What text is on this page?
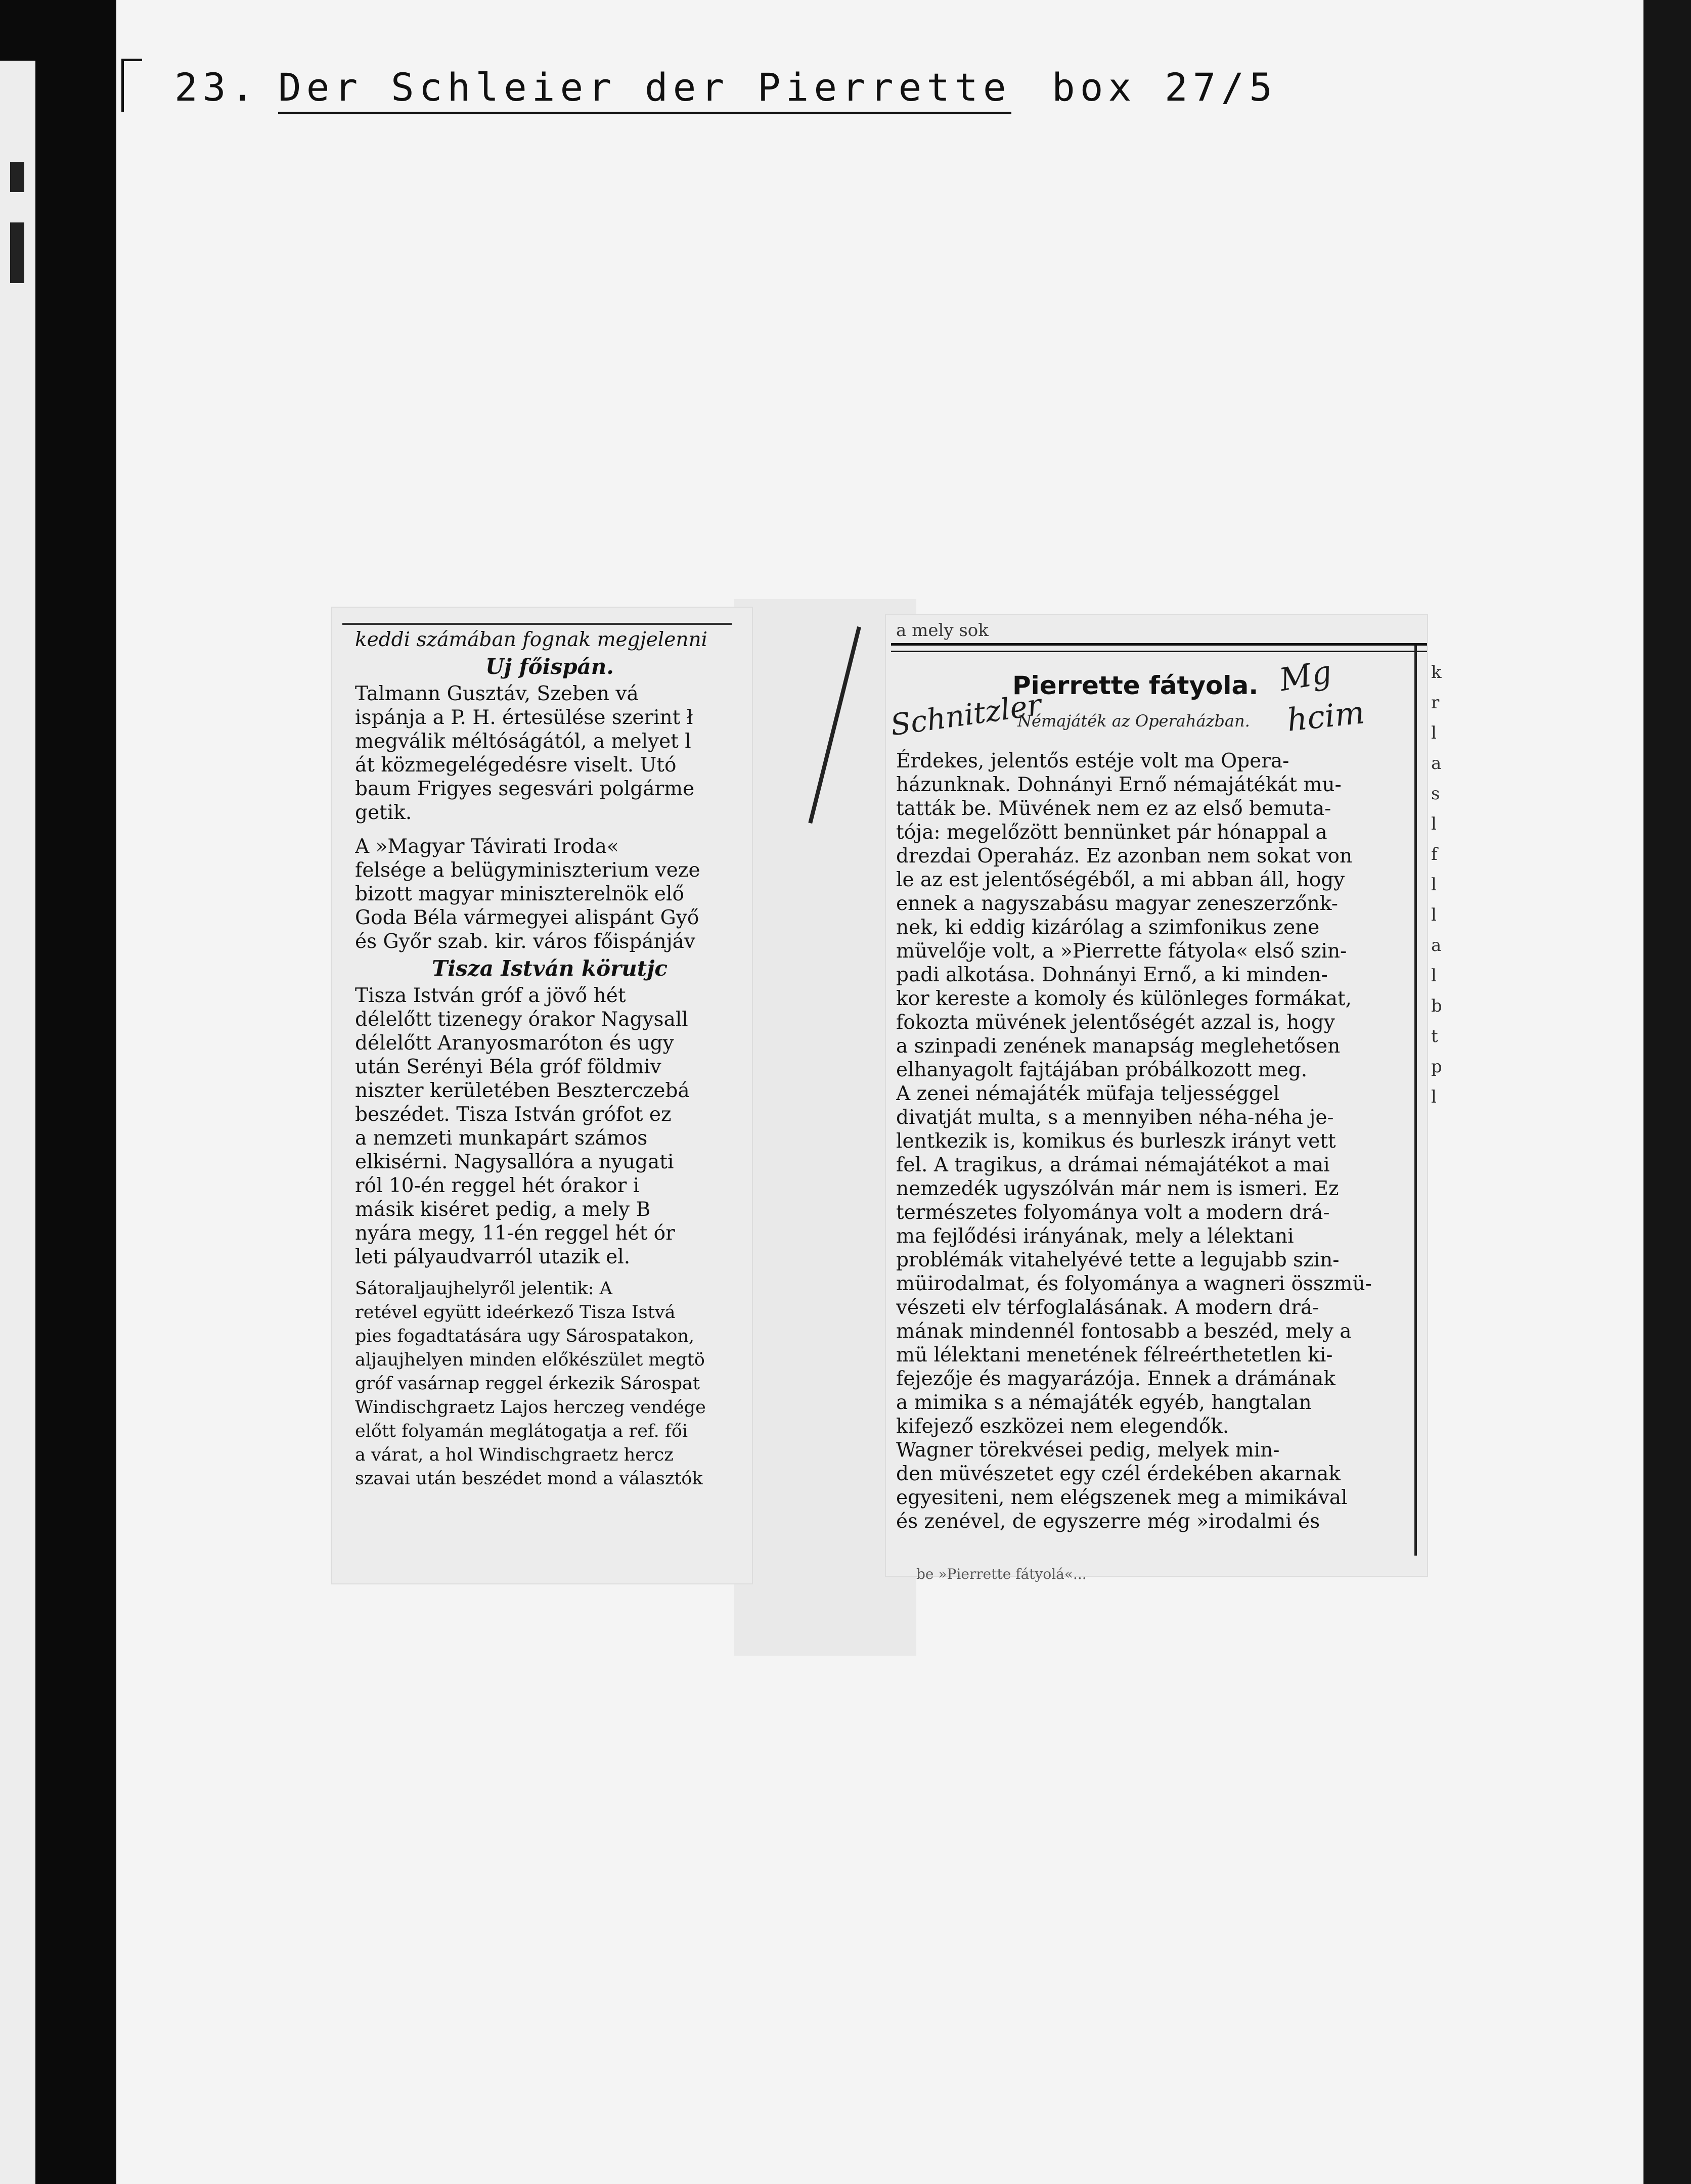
23. Der Schleier der Pierrette box 27/5
keddi számában fognak megjelenni
Uj főispán.
Talmann Gusztáv, Szeben vá
ispánja a P. H. értesülése szerint ł
megválik méltóságától, a melyet l
át közmegelégedésre viselt. Utó
baum Frigyes segesvári polgárme
getik.
A »Magyar Távirati Iroda«
felsége a belügyminiszterium veze
bizott magyar miniszterelnök elő
Goda Béla vármegyei alispánt Győ
és Győr szab. kir. város főispánjáv
Tisza István körutjc
Tisza István gróf a jövő hét
délelőtt tizenegy órakor Nagysall
délelőtt Aranyosmaróton és ugy
után Serényi Béla gróf földmiv
niszter kerületében Beszterczebá
beszédet. Tisza István grófot ez
a nemzeti munkapárt számos
elkisérni. Nagysallóra a nyugati
ról 10-én reggel hét órakor i
másik kiséret pedig, a mely B
nyára megy, 11-én reggel hét ór
leti pályaudvarról utazik el.
Sátoraljaujhelyről jelentik: A
retével együtt ideérkező Tisza Istvá
pies fogadtatására ugy Sárospatakon,
aljaujhelyen minden előkészület megtö
gróf vasárnap reggel érkezik Sárospat
Windischgraetz Lajos herczeg vendége
előtt folyamán meglátogatja a ref. fői
a várat, a hol Windischgraetz hercz
szavai után beszédet mond a választók
a mely sok
Pierrette fátyola.
Némajáték az Operaházban.
Érdekes, jelentős estéje volt ma Opera-
házunknak. Dohnányi Ernő némajátékát mu-
tatták be. Müvének nem ez az első bemuta-
tója: megelőzött bennünket pár hónappal a
drezdai Operaház. Ez azonban nem sokat von
le az est jelentőségéből, a mi abban áll, hogy
ennek a nagyszabásu magyar zeneszerzőnk-
nek, ki eddig kizárólag a szimfonikus zene
müvelője volt, a »Pierrette fátyola« első szin-
padi alkotása. Dohnányi Ernő, a ki minden-
kor kereste a komoly és különleges formákat,
fokozta müvének jelentőségét azzal is, hogy
a szinpadi zenének manapság meglehetősen
elhanyagolt fajtájában próbálkozott meg.
A zenei némajáték müfaja teljességgel
divatját multa, s a mennyiben néha-néha je-
lentkezik is, komikus és burleszk irányt vett
fel. A tragikus, a drámai némajátékot a mai
nemzedék ugyszólván már nem is ismeri. Ez
természetes folyománya volt a modern drá-
ma fejlődési irányának, mely a lélektani
problémák vitahelyévé tette a legujabb szin-
müirodalmat, és folyománya a wagneri összmü-
vészeti elv térfoglalásának. A modern drá-
mának mindennél fontosabb a beszéd, mely a
mü lélektani menetének félreérthetetlen ki-
fejezője és magyarázója. Ennek a drámának
a mimika s a némajáték egyéb, hangtalan
kifejező eszközei nem elegendők.
Wagner törekvései pedig, melyek min-
den müvészetet egy czél érdekében akarnak
egyesiteni, nem elégszenek meg a mimikával
és zenével, de egyszerre még »irodalmi és
be »Pierrette fátyolá«...
Schnitzler
Mg
hcim
k
r
l
a
s
l
f
l
l
a
l
b
t
p
l
